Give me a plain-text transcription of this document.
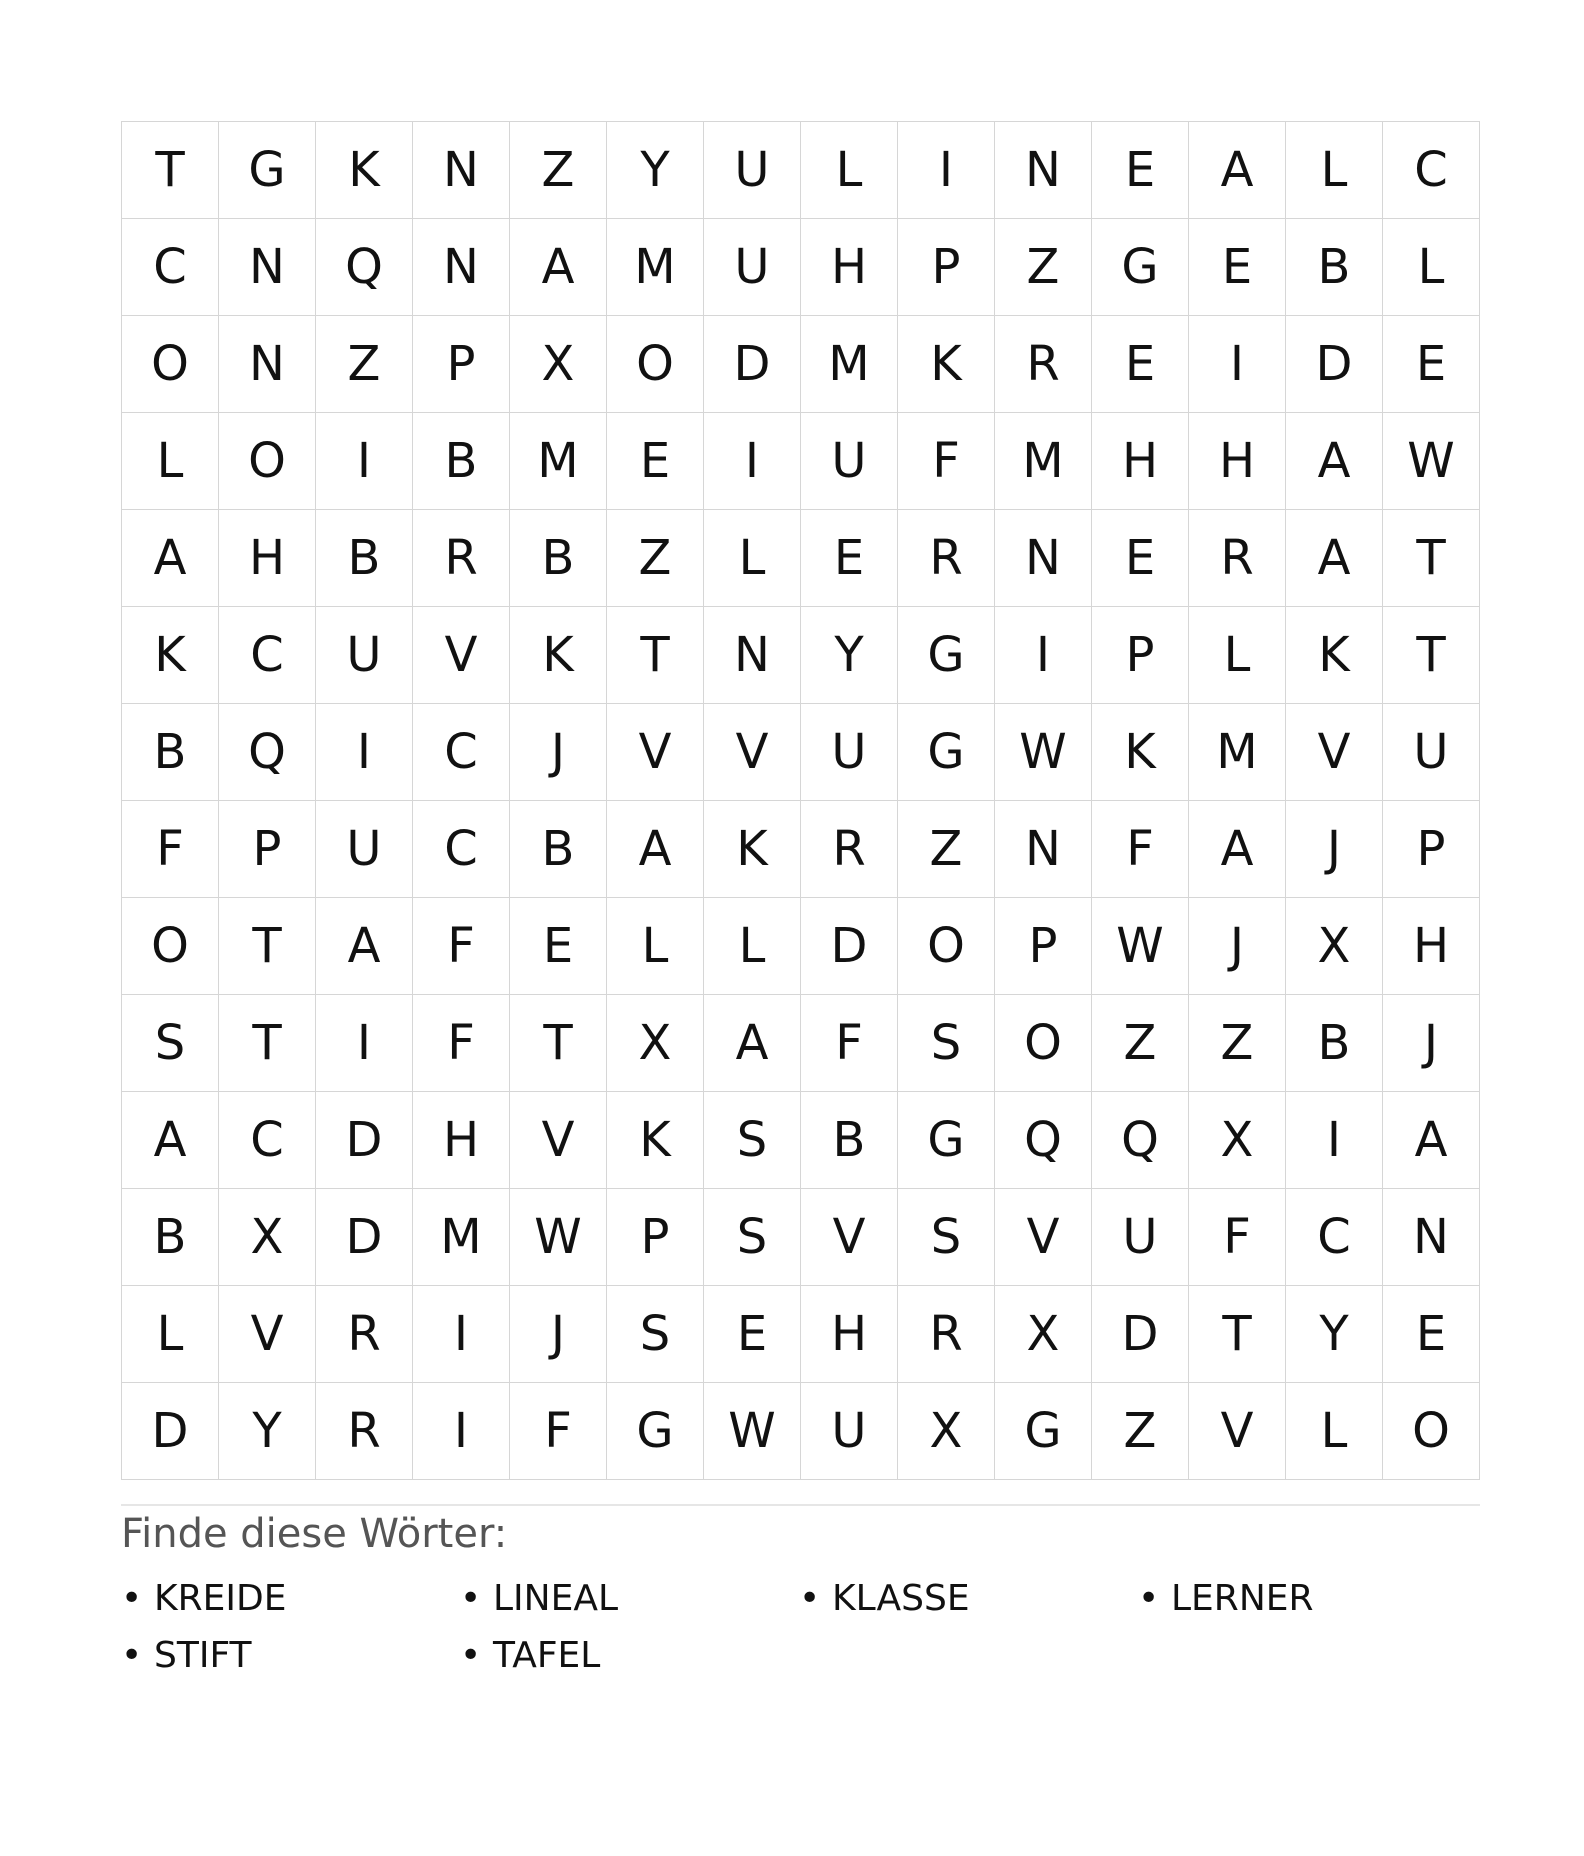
T	G	K	N	Z	Y	U	L	I	N	E	A	L	C
C	N	Q	N	A	M	U	H	P	Z	G	E	B	L
O	N	Z	P	X	O	D	M	K	R	E	I	D	E
L	O	I	B	M	E	I	U	F	M	H	H	A	W
A	H	B	R	B	Z	L	E	R	N	E	R	A	T
K	C	U	V	K	T	N	Y	G	I	P	L	K	T
B	Q	I	C	J	V	V	U	G	W	K	M	V	U
F	P	U	C	B	A	K	R	Z	N	F	A	J	P
O	T	A	F	E	L	L	D	O	P	W	J	X	H
S	T	I	F	T	X	A	F	S	O	Z	Z	B	J
A	C	D	H	V	K	S	B	G	Q	Q	X	I	A
B	X	D	M	W	P	S	V	S	V	U	F	C	N
L	V	R	I	J	S	E	H	R	X	D	T	Y	E
D	Y	R	I	F	G	W	U	X	G	Z	V	L	O
Finde diese Wörter:
• KREIDE	• LINEAL	• KLASSE	• LERNER
• STIFT	• TAFEL
